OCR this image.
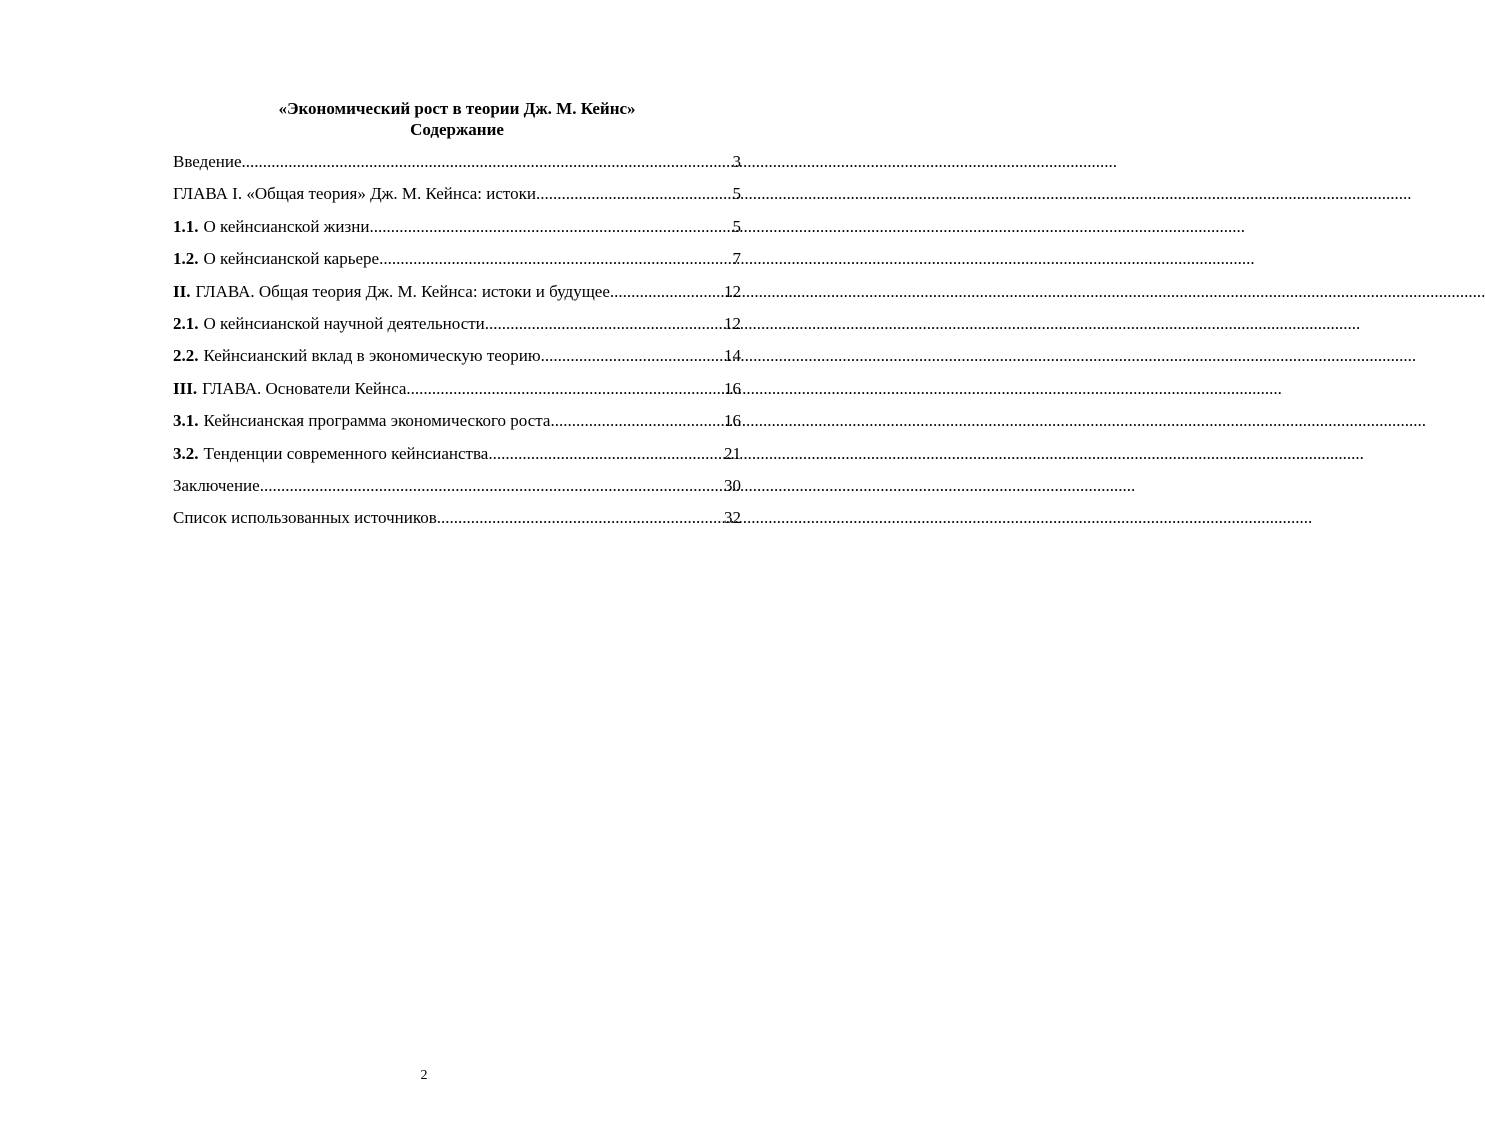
«Экономический рост в теории Дж. М. Кейнс»
Содержание
Введение .....	3
ГЛАВА I. «Общая теория» Дж. М. Кейнса: истоки .....	5
1.1. О кейнсианской жизни .....	5
1.2. О кейнсианской карьере .....	7
II. ГЛАВА. Общая теория Дж. М. Кейнса: истоки и будущее .....	12
2.1. О кейнсианской научной деятельности .....	12
2.2. Кейнсианский вклад в экономическую теорию .....	14
III. ГЛАВА. Основатели Кейнса .....	16
3.1. Кейнсианская программа экономического роста .....	16
3.2. Тенденции современного кейнсианства .....	21
Заключение .....	30
Список использованных источников .....	32
2
